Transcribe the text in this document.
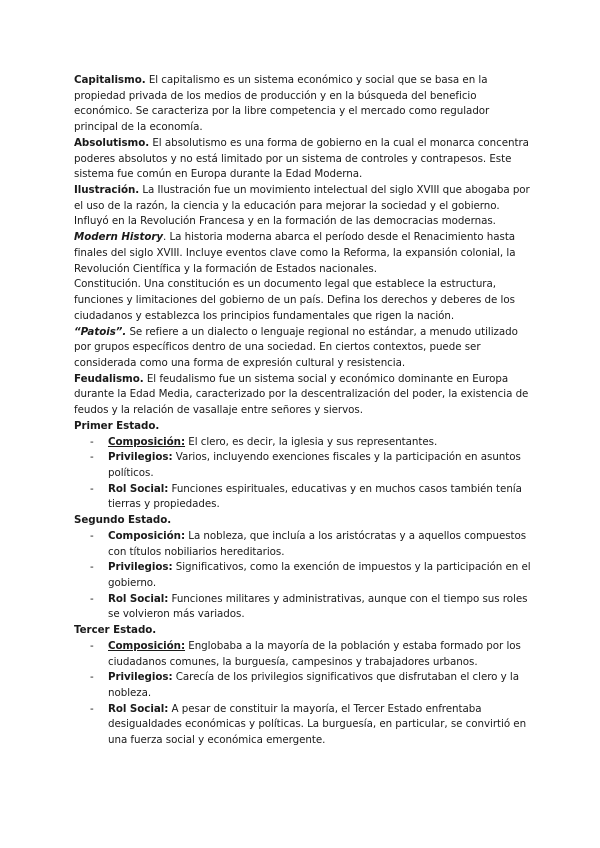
Capitalismo. El capitalismo es un sistema económico y social que se basa en la propiedad privada de los medios de producción y en la búsqueda del beneficio económico. Se caracteriza por la libre competencia y el mercado como regulador principal de la economía.

Absolutismo. El absolutismo es una forma de gobierno en la cual el monarca concentra poderes absolutos y no está limitado por un sistema de controles y contrapesos. Este sistema fue común en Europa durante la Edad Moderna.

Ilustración. La Ilustración fue un movimiento intelectual del siglo XVIII que abogaba por el uso de la razón, la ciencia y la educación para mejorar la sociedad y el gobierno. Influyó en la Revolución Francesa y en la formación de las democracias modernas.

Modern History. La historia moderna abarca el período desde el Renacimiento hasta finales del siglo XVIII. Incluye eventos clave como la Reforma, la expansión colonial, la Revolución Científica y la formación de Estados nacionales.

Constitución. Una constitución es un documento legal que establece la estructura, funciones y limitaciones del gobierno de un país. Defina los derechos y deberes de los ciudadanos y establezca los principios fundamentales que rigen la nación.

“Patois”. Se refiere a un dialecto o lenguaje regional no estándar, a menudo utilizado por grupos específicos dentro de una sociedad. En ciertos contextos, puede ser considerada como una forma de expresión cultural y resistencia.

Feudalismo. El feudalismo fue un sistema social y económico dominante en Europa durante la Edad Media, caracterizado por la descentralización del poder, la existencia de feudos y la relación de vasallaje entre señores y siervos.

Primer Estado.

- Composición: El clero, es decir, la iglesia y sus representantes.
- Privilegios: Varios, incluyendo exenciones fiscales y la participación en asuntos políticos.
- Rol Social: Funciones espirituales, educativas y en muchos casos también tenía tierras y propiedades.

Segundo Estado.

- Composición: La nobleza, que incluía a los aristócratas y a aquellos compuestos con títulos nobiliarios hereditarios.
- Privilegios: Significativos, como la exención de impuestos y la participación en el gobierno.
- Rol Social: Funciones militares y administrativas, aunque con el tiempo sus roles se volvieron más variados.

Tercer Estado.

- Composición: Englobaba a la mayoría de la población y estaba formado por los ciudadanos comunes, la burguesía, campesinos y trabajadores urbanos.
- Privilegios: Carecía de los privilegios significativos que disfrutaban el clero y la nobleza.
- Rol Social: A pesar de constituir la mayoría, el Tercer Estado enfrentaba desigualdades económicas y políticas. La burguesía, en particular, se convirtió en una fuerza social y económica emergente.
